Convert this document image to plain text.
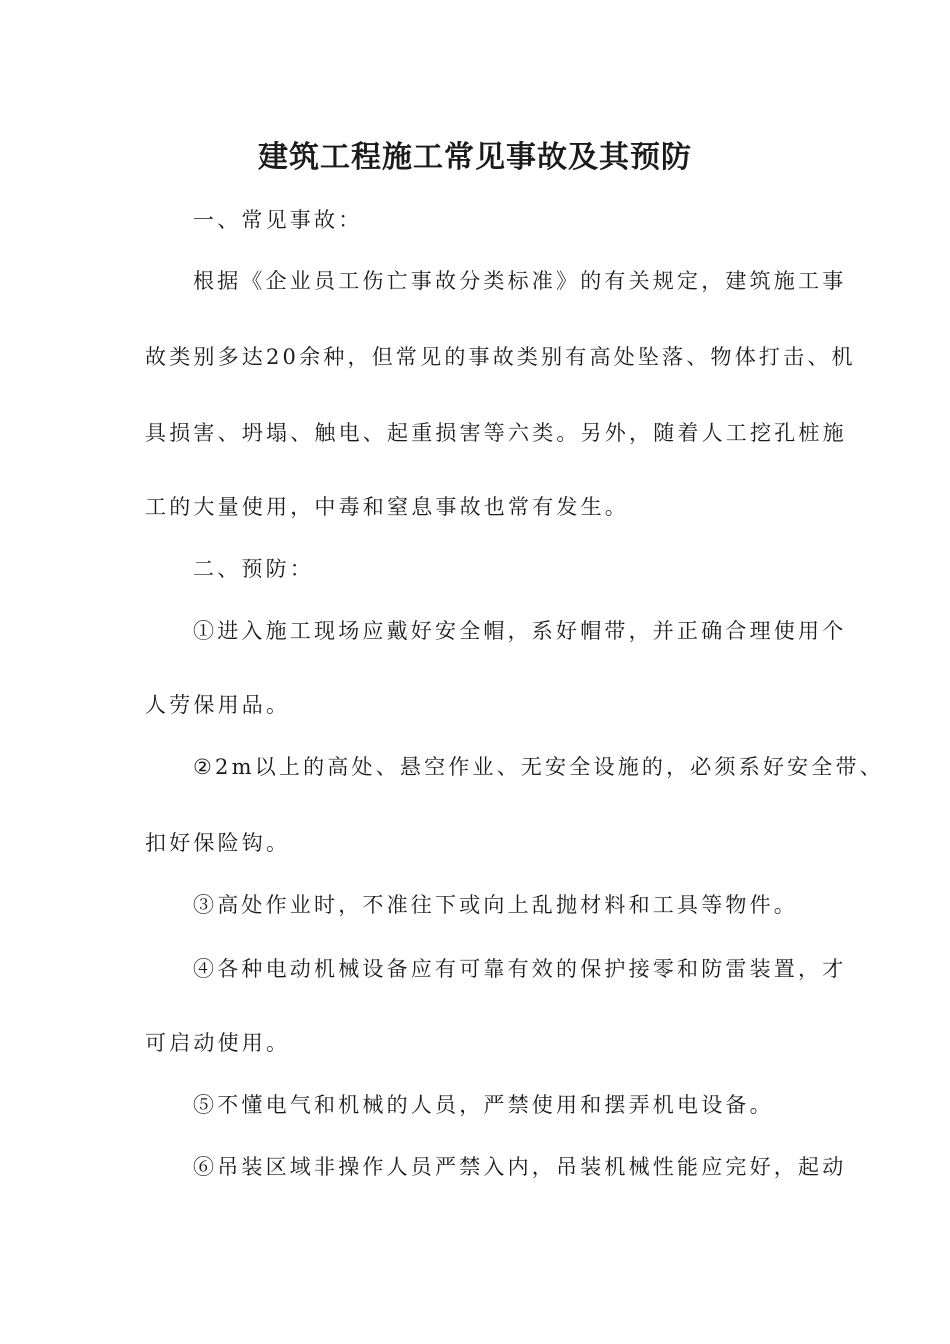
建筑工程施工常见事故及其预防
一、常见事故：
根据《企业员工伤亡事故分类标准》的有关规定，建筑施工事
故类别多达20余种，但常见的事故类别有高处坠落、物体打击、机
具损害、坍塌、触电、起重损害等六类。另外，随着人工挖孔桩施
工的大量使用，中毒和窒息事故也常有发生。
二、预防：
①进入施工现场应戴好安全帽，系好帽带，并正确合理使用个
人劳保用品。
②2m以上的高处、悬空作业、无安全设施的，必须系好安全带、
扣好保险钩。
③高处作业时，不准往下或向上乱抛材料和工具等物件。
④各种电动机械设备应有可靠有效的保护接零和防雷装置，才
可启动使用。
⑤不懂电气和机械的人员，严禁使用和摆弄机电设备。
⑥吊装区域非操作人员严禁入内，吊装机械性能应完好，起动
